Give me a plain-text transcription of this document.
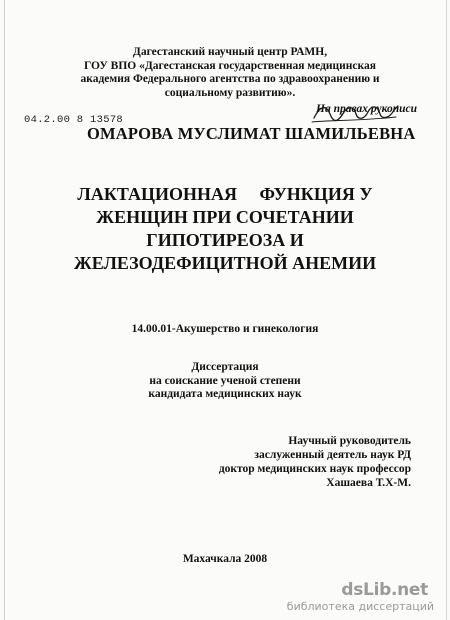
Дагестанский научный центр РАМН,
ГОУ ВПО «Дагестанская государственная медицинская
академия Федерального агентства по здравоохранению и
социальному развитию».
На правах рукописи
04.2.00 8 13578
ОМАРОВА МУСЛИМАТ ШАМИЛЬЕВНА
ЛАКТАЦИОННАЯ     ФУНКЦИЯ У
ЖЕНЩИН ПРИ СОЧЕТАНИИ
ГИПОТИРЕОЗА И
ЖЕЛЕЗОДЕФИЦИТНОЙ АНЕМИИ
14.00.01-Акушерство и гинекология
Диссертация
на соискание ученой степени
кандидата медицинских наук
Научный руководитель
заслуженный деятель наук РД
доктор медицинских наук профессор
Хашаева Т.Х-М.
Махачкала 2008
dsLib.net
библиотека диссертаций
